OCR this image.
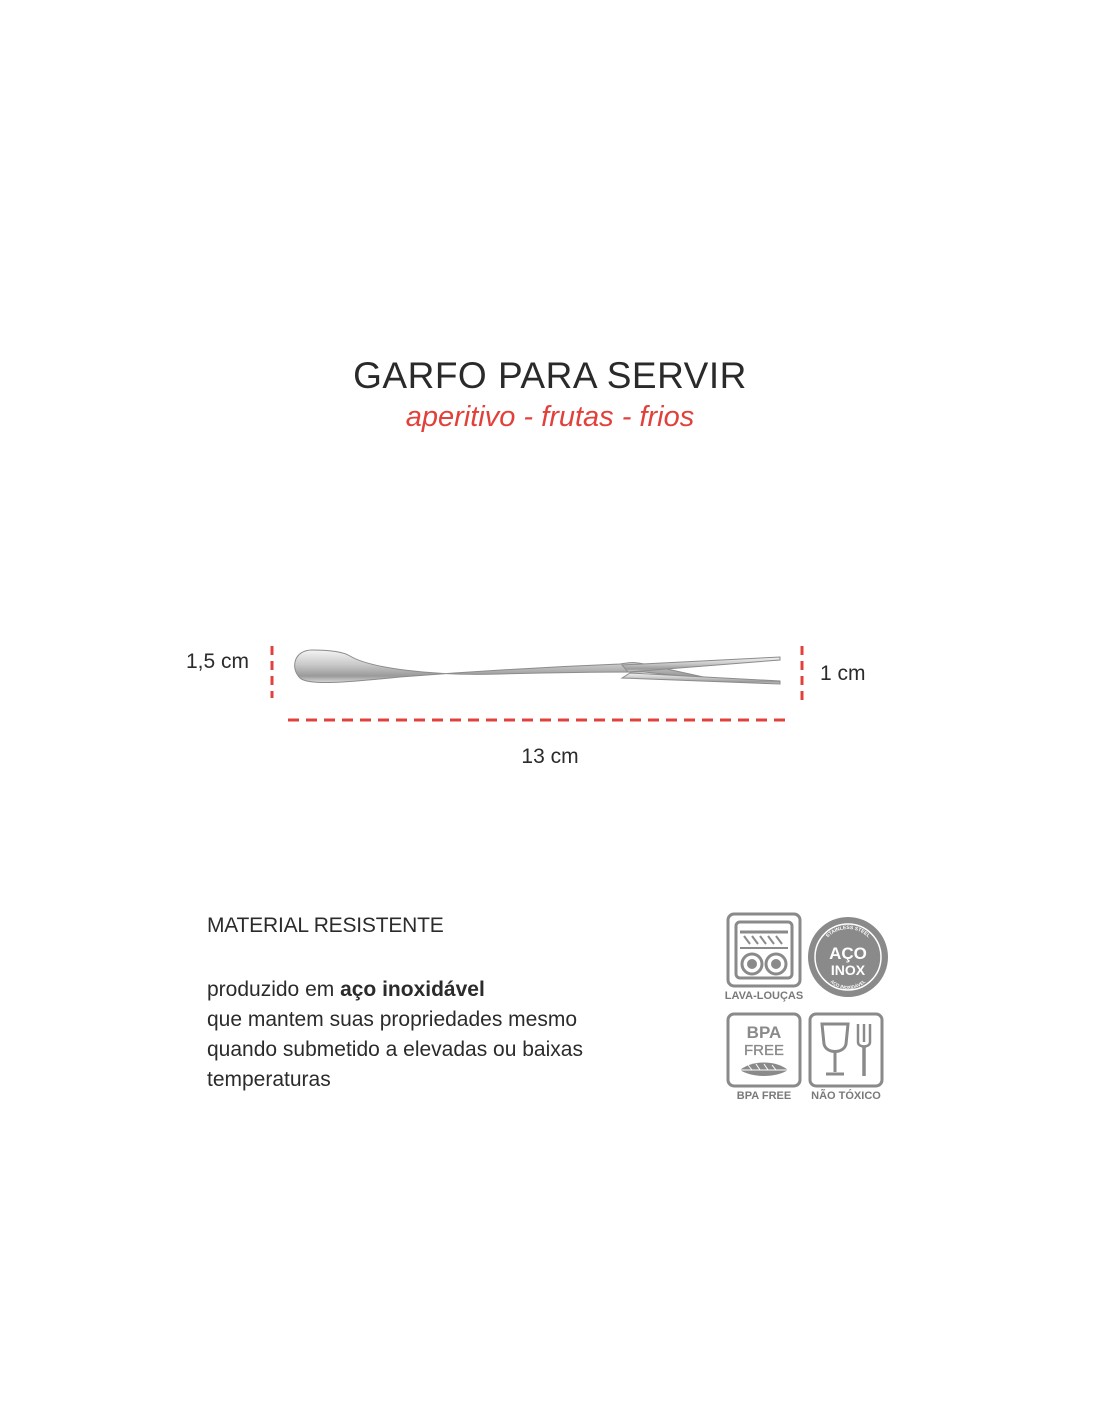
GARFO PARA SERVIR
aperitivo - frutas - frios
1,5 cm
1 cm
13 cm
MATERIAL RESISTENTE
produzido em aço inoxidável
que mantem suas propriedades mesmo
quando submetido a elevadas ou baixas
temperaturas
LAVA-LOUÇAS
STAINLESS STEEL
AÇO
INOX
AÇO INOXIDÁVEL
BPA
FREE
BPA FREE	NÃO TÓXICO
